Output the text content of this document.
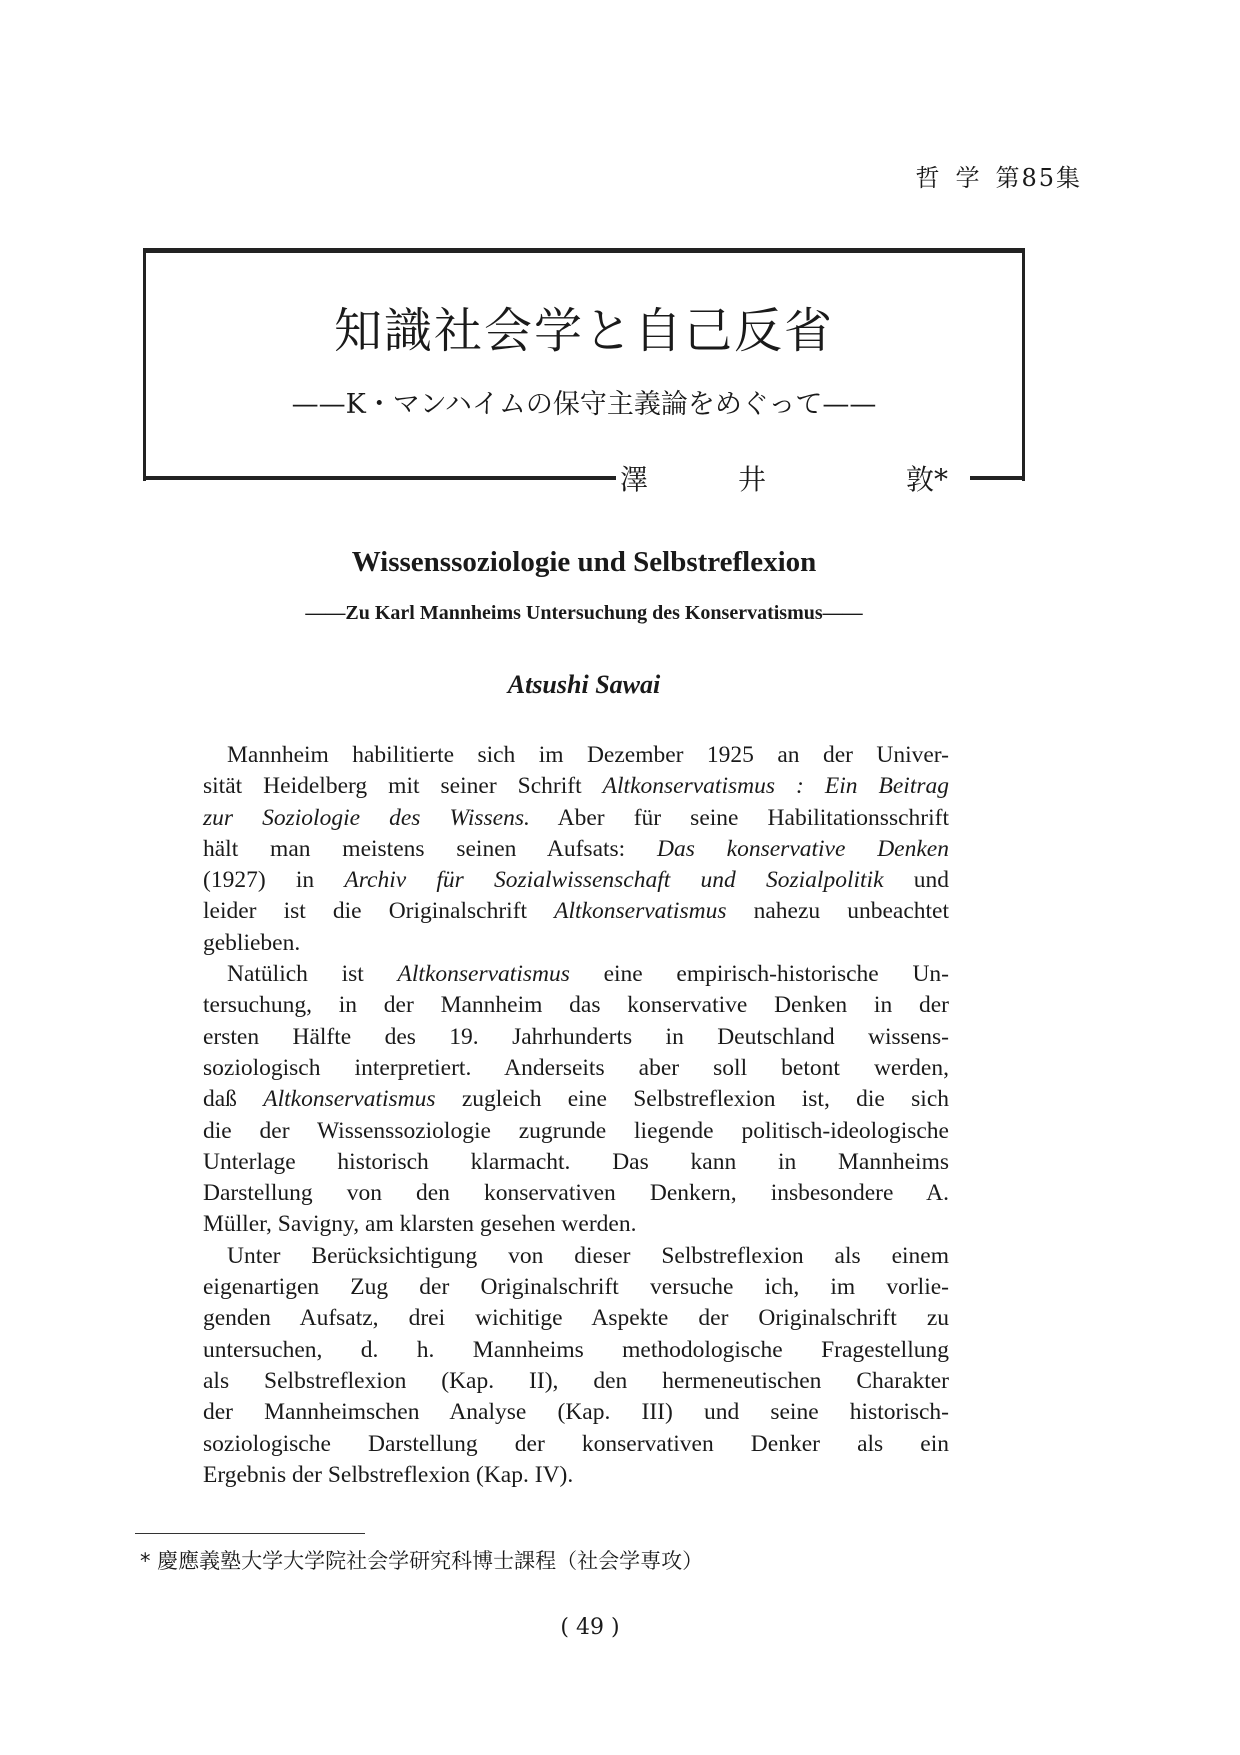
哲 学 第85集
知識社会学と自己反省
——K・マンハイムの保守主義論をめぐって——
澤	井	敦*
Wissenssoziologie und Selbstreflexion
——Zu Karl Mannheims Untersuchung des Konservatismus——
Atsushi Sawai
Mannheim habilitierte sich im Dezember 1925 an der Univer-
sität Heidelberg mit seiner Schrift Altkonservatismus : Ein Beitrag
zur Soziologie des Wissens. Aber für seine Habilitationsschrift
hält man meistens seinen Aufsats: Das konservative Denken
(1927) in Archiv für Sozialwissenschaft und Sozialpolitik und
leider ist die Originalschrift Altkonservatismus nahezu unbeachtet
geblieben.
Natülich ist Altkonservatismus eine empirisch-historische Un-
tersuchung, in der Mannheim das konservative Denken in der
ersten Hälfte des 19. Jahrhunderts in Deutschland wissens-
soziologisch interpretiert. Anderseits aber soll betont werden,
daß Altkonservatismus zugleich eine Selbstreflexion ist, die sich
die der Wissenssoziologie zugrunde liegende politisch-ideologische
Unterlage historisch klarmacht. Das kann in Mannheims
Darstellung von den konservativen Denkern, insbesondere A.
Müller, Savigny, am klarsten gesehen werden.
Unter Berücksichtigung von dieser Selbstreflexion als einem
eigenartigen Zug der Originalschrift versuche ich, im vorlie-
genden Aufsatz, drei wichitige Aspekte der Originalschrift zu
untersuchen, d. h. Mannheims methodologische Fragestellung
als Selbstreflexion (Kap. II), den hermeneutischen Charakter
der Mannheimschen Analyse (Kap. III) und seine historisch-
soziologische Darstellung der konservativen Denker als ein
Ergebnis der Selbstreflexion (Kap. IV).
* 慶應義塾大学大学院社会学研究科博士課程（社会学専攻）
( 49 )
